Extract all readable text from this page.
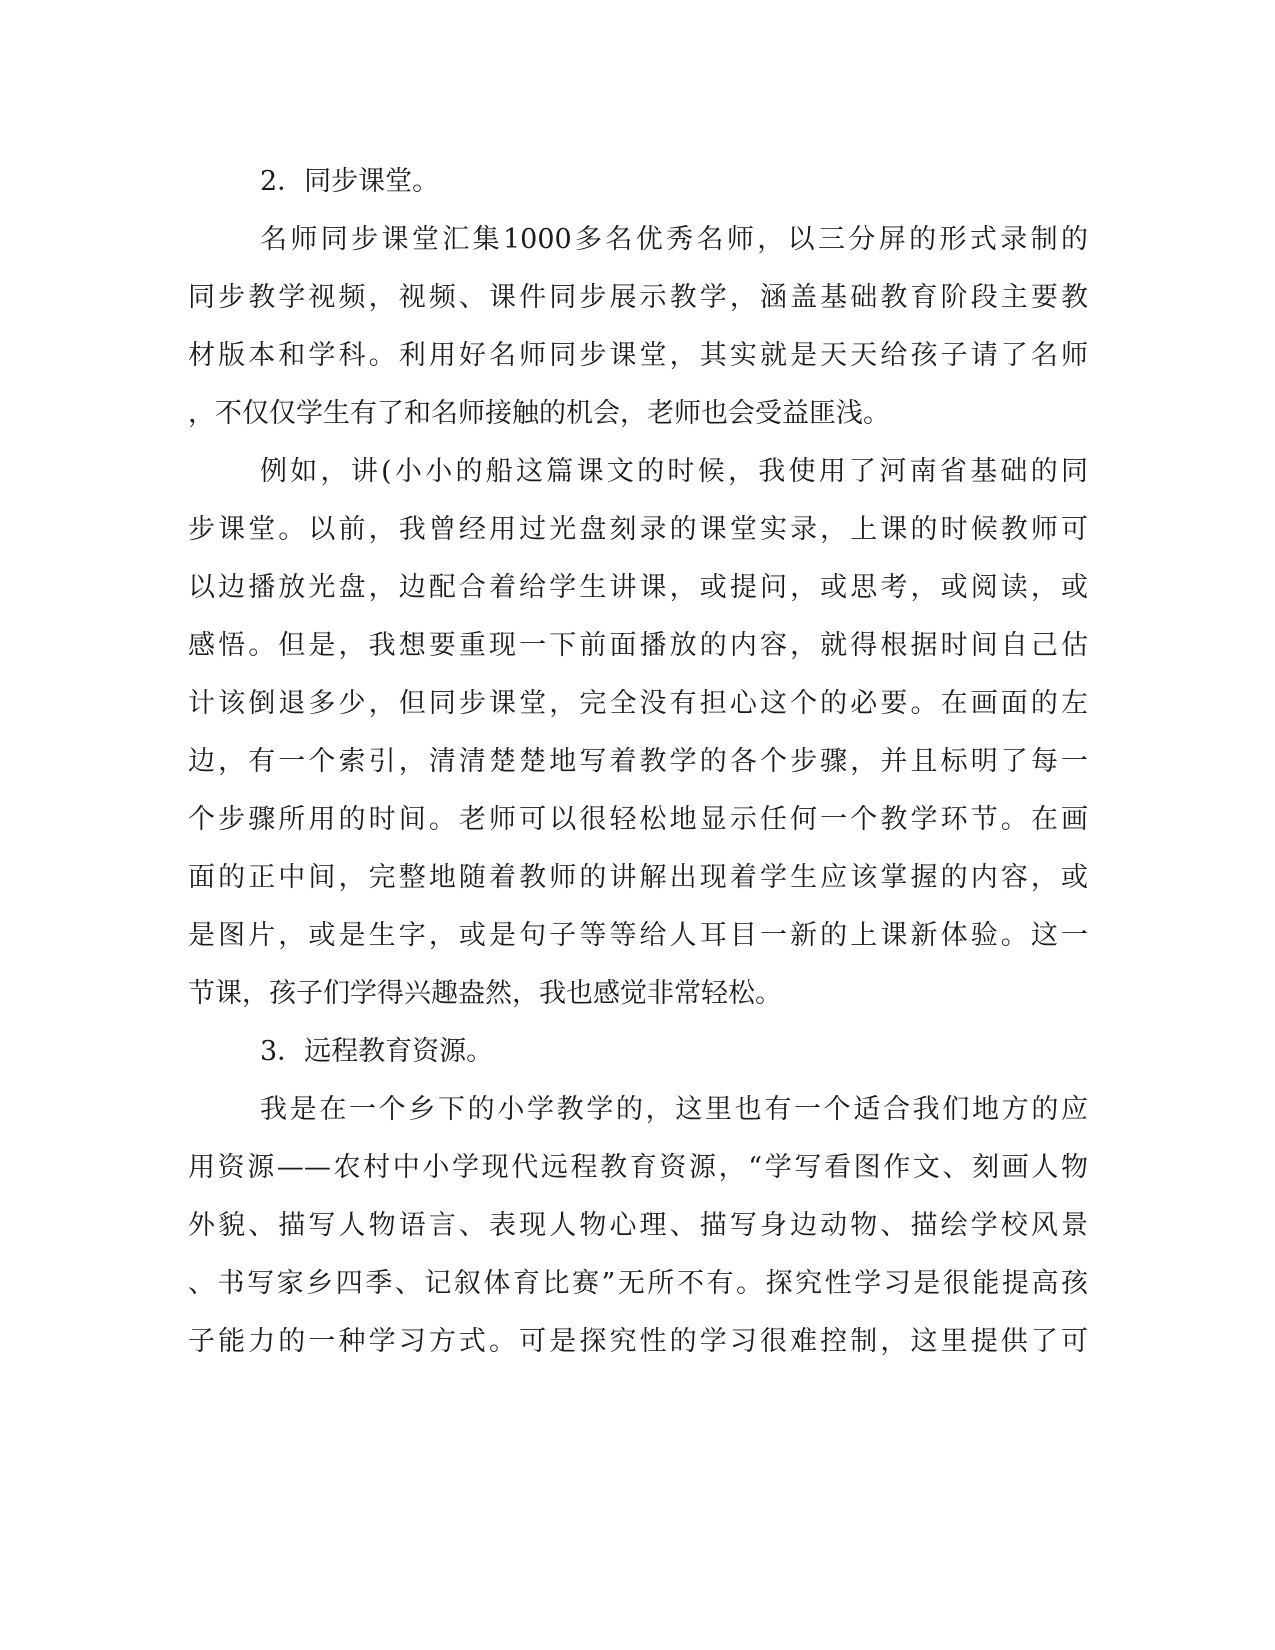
2．同步课堂。

名师同步课堂汇集1000多名优秀名师，以三分屏的形式录制的

同步教学视频，视频、课件同步展示教学，涵盖基础教育阶段主要教

材版本和学科。利用好名师同步课堂，其实就是天天给孩子请了名师

，不仅仅学生有了和名师接触的机会，老师也会受益匪浅。

例如，讲(小小的船这篇课文的时候，我使用了河南省基础的同

步课堂。以前，我曾经用过光盘刻录的课堂实录，上课的时候教师可

以边播放光盘，边配合着给学生讲课，或提问，或思考，或阅读，或

感悟。但是，我想要重现一下前面播放的内容，就得根据时间自己估

计该倒退多少，但同步课堂，完全没有担心这个的必要。在画面的左

边，有一个索引，清清楚楚地写着教学的各个步骤，并且标明了每一

个步骤所用的时间。老师可以很轻松地显示任何一个教学环节。在画

面的正中间，完整地随着教师的讲解出现着学生应该掌握的内容，或

是图片，或是生字，或是句子等等给人耳目一新的上课新体验。这一

节课，孩子们学得兴趣盎然，我也感觉非常轻松。

3．远程教育资源。

我是在一个乡下的小学教学的，这里也有一个适合我们地方的应

用资源——农村中小学现代远程教育资源，“学写看图作文、刻画人物

外貌、描写人物语言、表现人物心理、描写身边动物、描绘学校风景

、书写家乡四季、记叙体育比赛”无所不有。探究性学习是很能提高孩

子能力的一种学习方式。可是探究性的学习很难控制，这里提供了可
